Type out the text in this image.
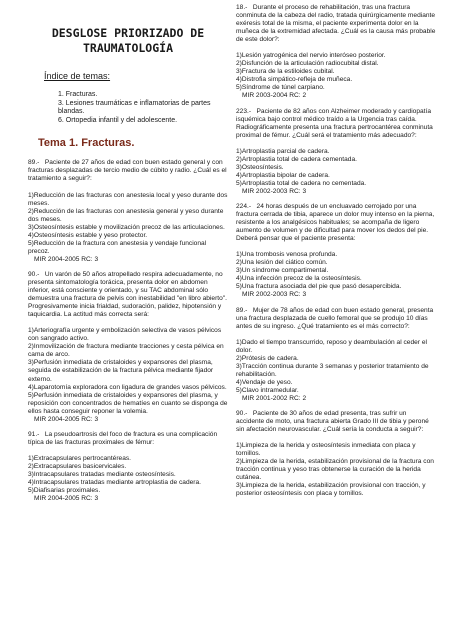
DESGLOSE PRIORIZADO DE
TRAUMATOLOGÍA
Índice de temas:
1. Fracturas.
3. Lesiones traumáticas e inflamatorias de partes blandas.
6. Ortopedia infantil y del adolescente.
Tema 1. Fracturas.
89.-   Paciente de 27 años de edad con buen estado general y con fracturas desplazadas de tercio medio de cúbito y radio. ¿Cuál es el tratamiento a seguir?:
1)Reducción de las fracturas con anestesia local y yeso durante dos meses.
2)Reducción de las fracturas con anestesia general y yeso durante dos meses.
3)Osteosíntesis estable y movilización precoz de las articulaciones.
4)Osteosíntesis estable y yeso protector.
5)Reducción de la fractura con anestesia y vendaje funcional precoz.
MIR 2004-2005 RC: 3
90.-   Un varón de 50 años atropellado respira adecuadamente, no presenta sintomatología torácica, presenta dolor en abdomen inferior, está consciente y orientado, y su TAC abdominal sólo demuestra una fractura de pelvis con inestabilidad "en libro abierto". Progresivamente inicia frialdad, sudoración, palidez, hipotensión y taquicardia. La actitud más correcta será:
1)Arteriografía urgente y embolización selectiva de vasos pélvicos con sangrado activo.
2)Inmovilización de fractura mediante tracciones y cesta pélvica en cama de arco.
3)Perfusión inmediata de cristaloides y expansores del plasma, seguida de estabilización de la fractura pélvica mediante fijador externo.
4)Laparotomía exploradora con ligadura de grandes vasos pélvicos.
5)Perfusión inmediata de cristaloides y expansores del plasma, y reposición con concentrados de hematíes en cuanto se disponga de ellos hasta conseguir reponer la volemia.
MIR 2004-2005 RC: 3
91.-   La pseudoartrosis del foco de fractura es una complicación típica de las fracturas proximales de fémur:
1)Extracapsulares pertrocantéreas.
2)Extracapsulares basicervicales.
3)Intracapsulares tratadas mediante osteosíntesis.
4)Intracapsulares tratadas mediante artroplastia de cadera.
5)Diafisarias proximales.
MIR 2004-2005 RC: 3
18.-   Durante el proceso de rehabilitación, tras una fractura conminuta de la cabeza del radio, tratada quirúrgicamente mediante exéresis total de la misma, el paciente experimenta dolor en la muñeca de la extremidad afectada. ¿Cuál es la causa más probable de este dolor?:
1)Lesión yatrogénica del nervio interóseo posterior.
2)Disfunción de la articulación radiocubital distal.
3)Fractura de la estiloides cubital.
4)Distrofia simpático-refleja de muñeca.
5)Síndrome de túnel carpiano.
MIR 2003-2004 RC: 2
223.-   Paciente de 82 años con Alzheimer moderado y cardiopatía isquémica bajo control médico traído a la Urgencia tras caída. Radiográficamente presenta una fractura pertrocantérea conminuta proximal de fémur. ¿Cuál será el tratamiento más adecuado?:
1)Artroplastia parcial de cadera.
2)Artroplastia total de cadera cementada.
3)Osteosíntesis.
4)Artroplastia bipolar de cadera.
5)Artroplastia total de cadera no cementada.
MIR 2002-2003 RC: 3
224.-   24 horas después de un encluavado cerrojado por una fractura cerrada de tibia, aparece un dolor muy intenso en la pierna, resistente a los analgésicos habituales; se acompaña de ligero aumento de volumen y de dificultad para mover los dedos del pie. Deberá pensar que el paciente presenta:
1)Una trombosis venosa profunda.
2)Una lesión del ciático común.
3)Un síndrome compartimental.
4)Una infección precoz de la osteosíntesis.
5)Una fractura asociada del pie que pasó desapercibida.
MIR 2002-2003 RC: 3
89.-   Mujer de 78 años de edad con buen estado general, presenta una fractura desplazada de cuello femoral que se produjo 10 días antes de su ingreso. ¿Qué tratamiento es el más correcto?:
1)Dado el tiempo transcurrido, reposo y deambulación al ceder el dolor.
2)Prótesis de cadera.
3)Tracción continua durante 3 semanas y posterior tratamiento de rehabilitación.
4)Vendaje de yeso.
5)Clavo intramedular.
MIR 2001-2002 RC: 2
90.-   Paciente de 30 años de edad presenta, tras sufrir un accidente de moto, una fractura abierta Grado III de tibia y peroné sin afectación neurovascular. ¿Cuál sería la conducta a seguir?:
1)Limpieza de la herida y osteosíntesis inmediata con placa y tornillos.
2)Limpieza de la herida, estabilización provisional de la fractura con tracción continua y yeso tras obtenerse la curación de la herida cutánea.
3)Limpieza de la herida, estabilización provisional con tracción, y posterior osteosíntesis con placa y tornillos.
